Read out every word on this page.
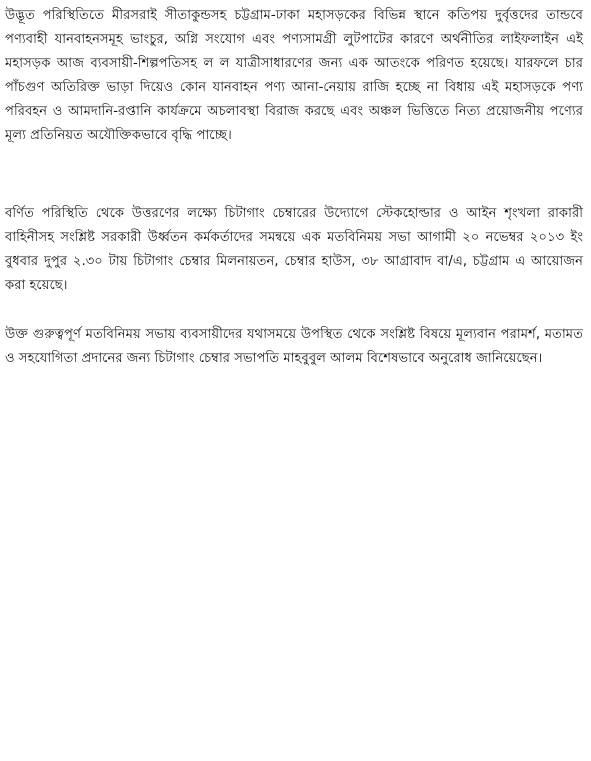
উদ্ভূত পরিস্থিতিতে মীরসরাই সীতাকুন্ডসহ চট্টগ্রাম-ঢাকা মহাসড়কের বিভিন্ন স্থানে কতিপয় দুর্বৃত্তদের তান্ডবে পণ্যবাহী যানবাহনসমূহ ভাংচুর, অগ্নি সংযোগ এবং পণ্যসামগ্রী লুটপাটের কারণে অর্থনীতির লাইফলাইন এই মহাসড়ক আজ ব্যবসায়ী-শিল্পপতিসহ ল ল যাত্রীসাধারণের জন্য এক আতংকে পরিণত হয়েছে। যারফলে চার পাঁচগুণ অতিরিক্ত ভাড়া দিয়েও কোন যানবাহন পণ্য আনা-নেয়ায় রাজি হচ্ছে না বিধায় এই মহাসড়কে পণ্য পরিবহন ও আমদানি-রপ্তানি কার্যক্রমে অচলাবস্থা বিরাজ করছে এবং অঞ্চল ভিত্তিতে নিত্য প্রয়োজনীয় পণ্যের মূল্য প্রতিনিয়ত অযৌক্তিকভাবে বৃদ্ধি পাচ্ছে।

বর্ণিত পরিস্থিতি থেকে উত্তরণের লক্ষ্যে চিটাগাং চেম্বারের উদ্যোগে স্টেকহোল্ডার ও আইন শৃংখলা রাকারী বাহিনীসহ সংশ্লিষ্ট সরকারী উর্ধ্বতন কর্মকর্তাদের সমন্বয়ে এক মতবিনিময় সভা আগামী ২০ নভেম্বর ২০১৩ ইং বুধবার দুপুর ২.৩০ টায় চিটাগাং চেম্বার মিলনায়তন, চেম্বার হাউস, ৩৮ আগ্রাবাদ বা/এ, চট্টগ্রাম এ আয়োজন করা হয়েছে।

উক্ত গুরুত্বপূর্ণ মতবিনিময় সভায় ব্যবসায়ীদের যথাসময়ে উপস্থিত থেকে সংশ্লিষ্ট বিষয়ে মূল্যবান পরামর্শ, মতামত ও সহযোগিতা প্রদানের জন্য চিটাগাং চেম্বার সভাপতি মাহবুবুল আলম বিশেষভাবে অনুরোধ জানিয়েছেন।
